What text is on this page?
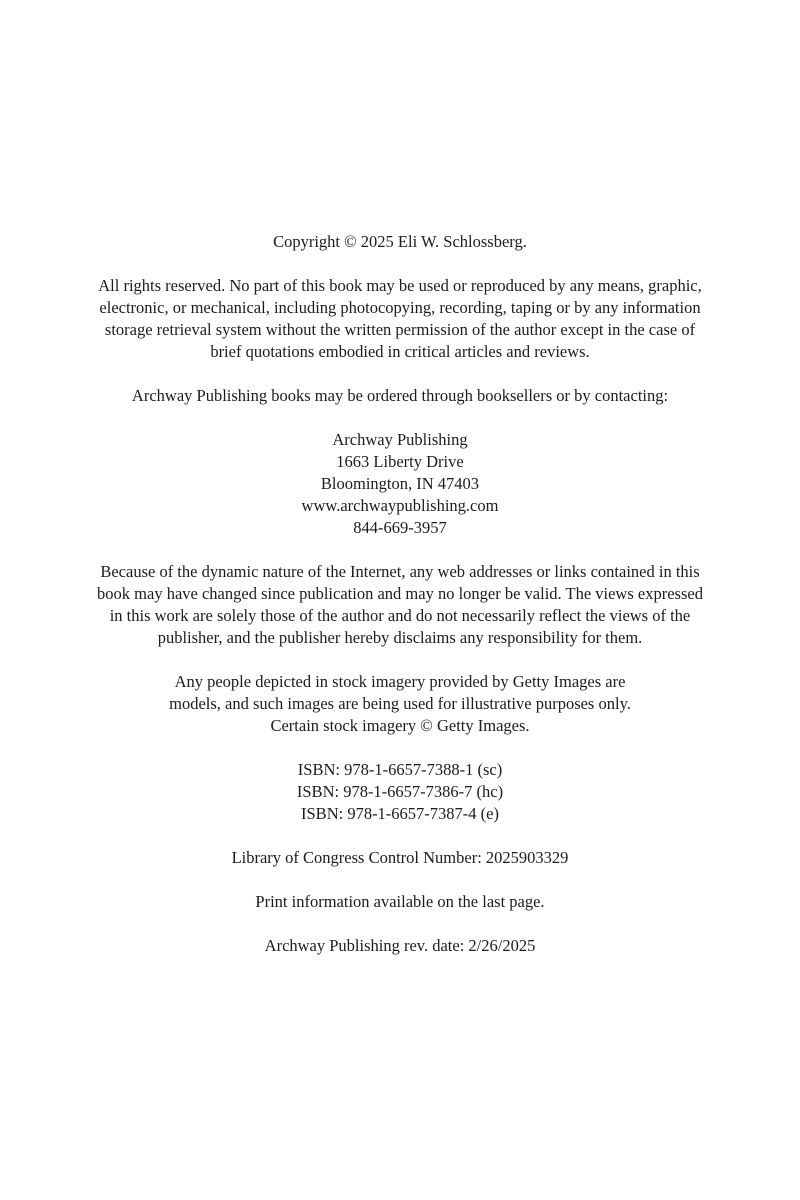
Copyright © 2025 Eli W. Schlossberg.
All rights reserved. No part of this book may be used or reproduced by any means, graphic, electronic, or mechanical, including photocopying, recording, taping or by any information storage retrieval system without the written permission of the author except in the case of brief quotations embodied in critical articles and reviews.
Archway Publishing books may be ordered through booksellers or by contacting:
Archway Publishing
1663 Liberty Drive
Bloomington, IN 47403
www.archwaypublishing.com
844-669-3957
Because of the dynamic nature of the Internet, any web addresses or links contained in this book may have changed since publication and may no longer be valid. The views expressed in this work are solely those of the author and do not necessarily reflect the views of the publisher, and the publisher hereby disclaims any responsibility for them.
Any people depicted in stock imagery provided by Getty Images are models, and such images are being used for illustrative purposes only. Certain stock imagery © Getty Images.
ISBN: 978-1-6657-7388-1 (sc)
ISBN: 978-1-6657-7386-7 (hc)
ISBN: 978-1-6657-7387-4 (e)
Library of Congress Control Number: 2025903329
Print information available on the last page.
Archway Publishing rev. date: 2/26/2025
